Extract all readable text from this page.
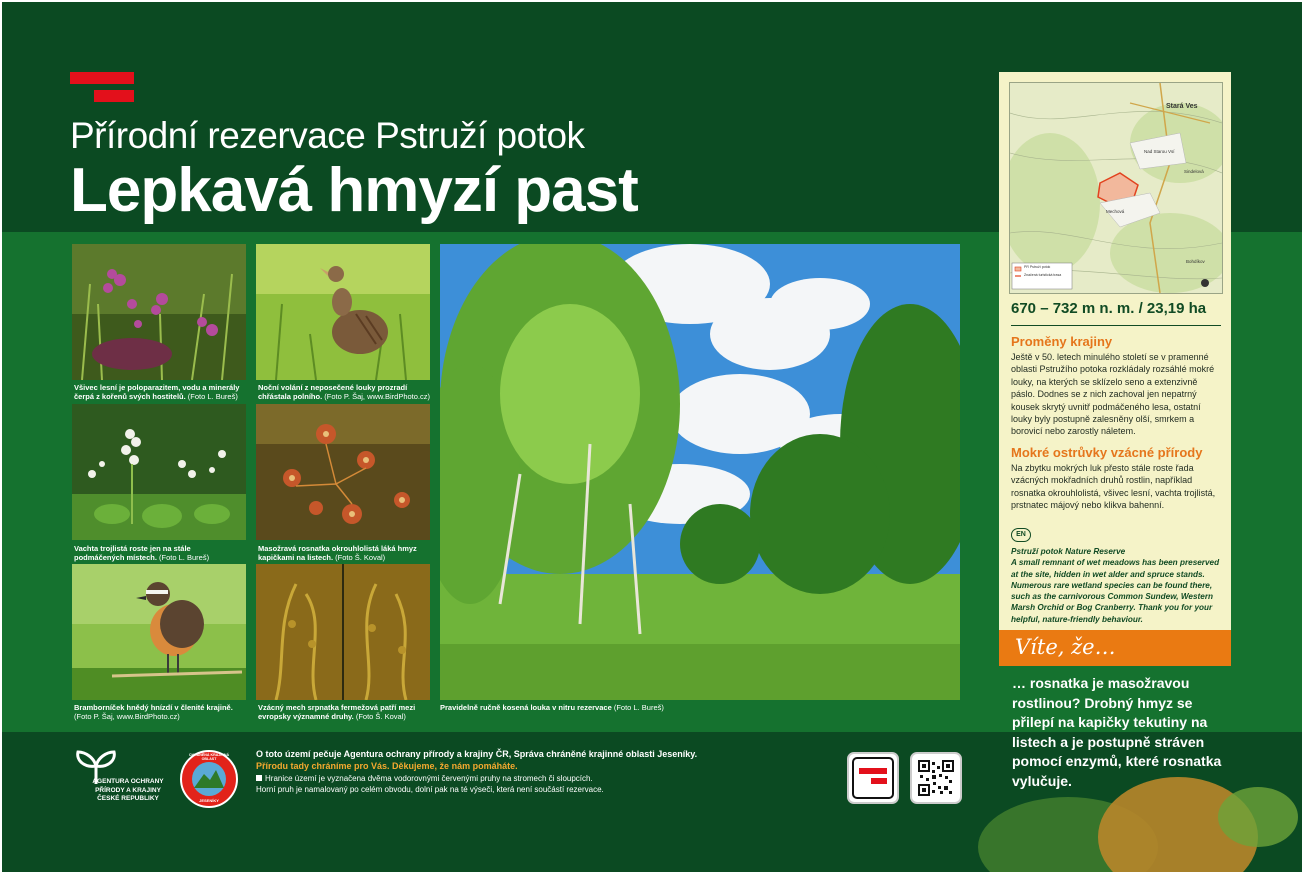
Přírodní rezervace Pstruží potok
Lepkavá hmyzí past
Všivec lesní je poloparazitem, vodu a minerály čerpá z kořenů svých hostitelů. (Foto L. Bureš)
Noční volání z neposečené louky prozradí chřástala polního. (Foto P. Šaj, www.BirdPhoto.cz)
Vachta trojlistá roste jen na stále podmáčených místech. (Foto L. Bureš)
Masožravá rosnatka okrouhlolistá láká hmyz kapičkami na listech. (Foto Š. Koval)
Bramborníček hnědý hnízdí v členité krajině. (Foto P. Šaj, www.BirdPhoto.cz)
Vzácný mech srpnatka fermežová patří mezi evropsky významné druhy. (Foto Š. Koval)
Pravidelně ručně kosená louka v nitru rezervace (Foto L. Bureš)
Stará Ves
Nad Starou Vsí
Sindelová
Mechová
Bohdíkov
PR Pstruží potok
Značená turistická trasa
670 – 732 m n. m. / 23,19 ha
Proměny krajiny
Ještě v 50. letech minulého století se v pramenné oblasti Pstružího potoka rozkládaly rozsáhlé mokré louky, na kterých se sklízelo seno a extenzivně páslo. Dodnes se z nich zachoval jen nepatrný kousek skrytý uvnitř podmáčeného lesa, ostatní louky byly postupně zalesněny olší, smrkem a borovicí nebo zarostly náletem.
Mokré ostrůvky vzácné přírody
Na zbytku mokrých luk přesto stále roste řada vzácných mokřadních druhů rostlin, například rosnatka okrouhlolistá, všivec lesní, vachta trojlistá, prstnatec májový nebo klikva bahenní.
EN
Pstruží potok Nature Reserve
A small remnant of wet meadows has been preserved at the site, hidden in wet alder and spruce stands. Numerous rare wetland species can be found there, such as the carnivorous Common Sundew, Western Marsh Orchid or Bog Cranberry. Thank you for your helpful, nature-friendly behaviour.
Víte, že…
… rosnatka je masožravou rostlinou? Drobný hmyz se přilepí na kapičky tekutiny na listech a je postupně stráven pomocí enzymů, které rosnatka vylučuje.
AGENTURA OCHRANY PŘÍRODY A KRAJINY ČESKÉ REPUBLIKY
CHRÁNĚNÁ KRAJINNÁ OBLAST
JESENÍKY
O toto území pečuje Agentura ochrany přírody a krajiny ČR, Správa chráněné krajinné oblasti Jeseníky.
Přírodu tady chráníme pro Vás. Děkujeme, že nám pomáháte.
Hranice území je vyznačena dvěma vodorovnými červenými pruhy na stromech či sloupcích.
Horní pruh je namalovaný po celém obvodu, dolní pak na té výseči, která není součástí rezervace.
